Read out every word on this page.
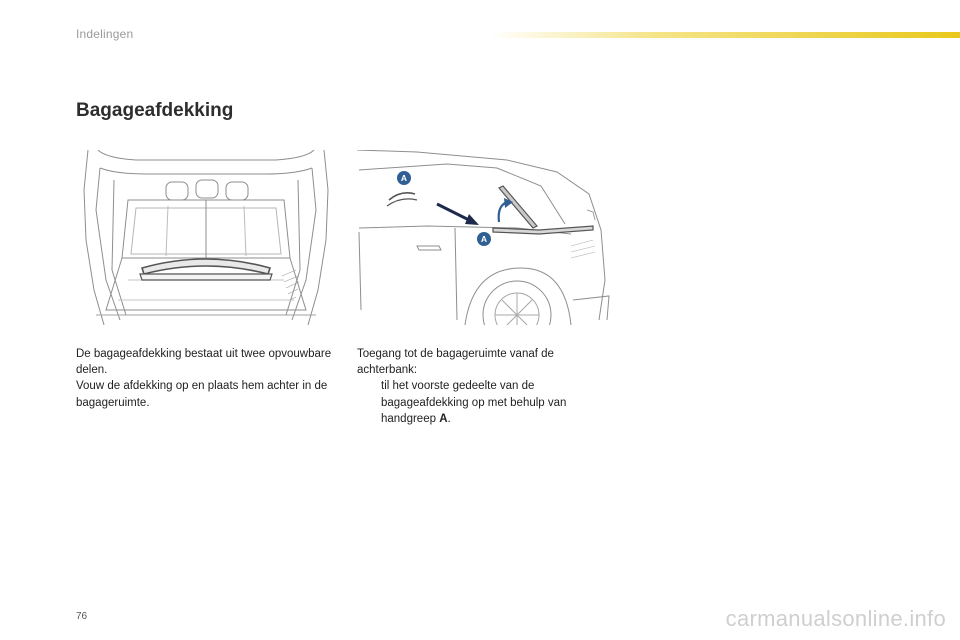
Indelingen
Bagageafdekking
A
A

De bagageafdekking bestaat uit twee opvouwbare delen.

Vouw de afdekking op en plaats hem achter in de bagageruimte.

Toegang tot de bagageruimte vanaf de achterbank:

til het voorste gedeelte van de bagageafdekking op met behulp van handgreep A.
76	carmanualsonline.info
